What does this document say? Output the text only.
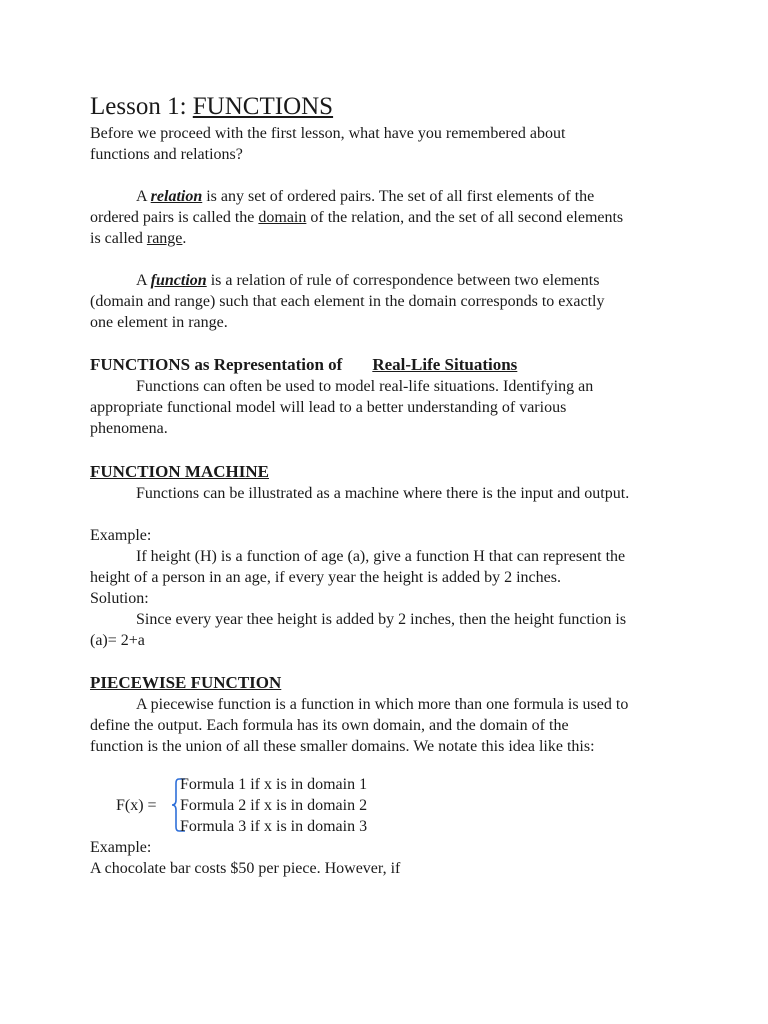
Lesson 1: FUNCTIONS
Before we proceed with the first lesson, what have you remembered about
functions and relations?
A relation is any set of ordered pairs. The set of all first elements of the
ordered pairs is called the domain of the relation, and the set of all second elements
is called range.
A function is a relation of rule of correspondence between two elements
(domain and range) such that each element in the domain corresponds to exactly
one element in range.
FUNCTIONS as Representation of Real-Life Situations
Functions can often be used to model real-life situations. Identifying an
appropriate functional model will lead to a better understanding of various
phenomena.
FUNCTION MACHINE
Functions can be illustrated as a machine where there is the input and output.
Example:
If height (H) is a function of age (a), give a function H that can represent the
height of a person in an age, if every year the height is added by 2 inches.
Solution:
Since every year thee height is added by 2 inches, then the height function is
(a)= 2+a
PIECEWISE FUNCTION
A piecewise function is a function in which more than one formula is used to
define the output. Each formula has its own domain, and the domain of the
function is the union of all these smaller domains. We notate this idea like this:
F(x) =
Formula 1 if x is in domain 1
Formula 2 if x is in domain 2
Formula 3 if x is in domain 3
Example:
A chocolate bar costs $50 per piece. However, if
